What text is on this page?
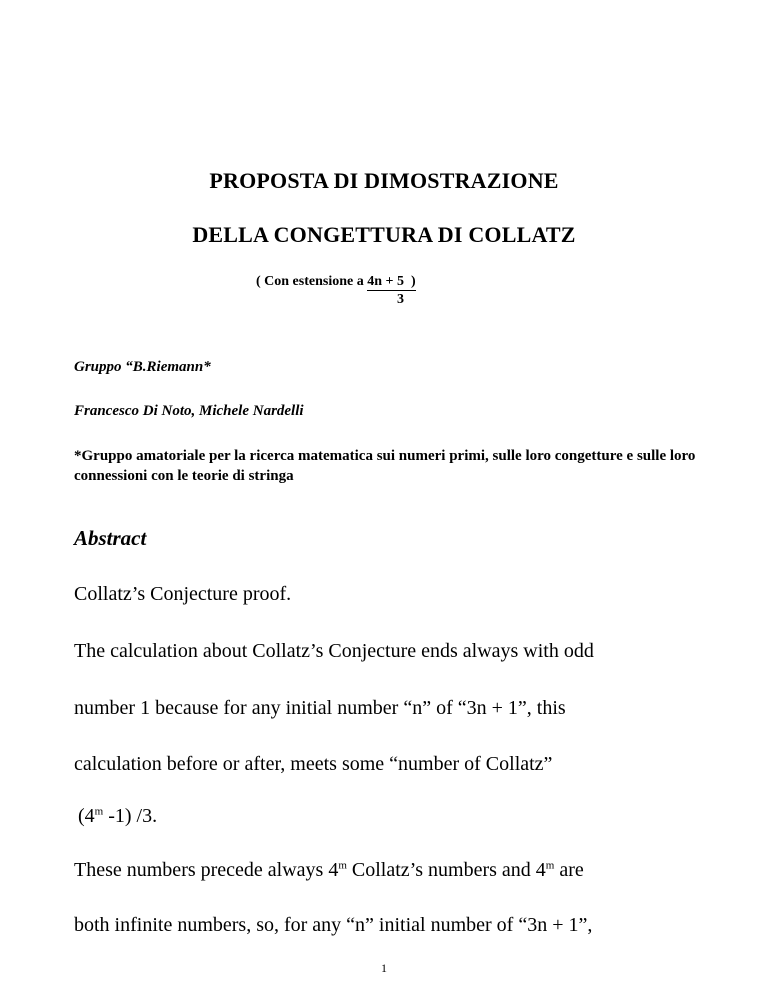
PROPOSTA DI DIMOSTRAZIONE
DELLA CONGETTURA DI COLLATZ
( Con estensione a $\frac{4n + 5 )}{3}$
Gruppo “B.Riemann*
Francesco Di Noto, Michele Nardelli
*Gruppo amatoriale per la ricerca matematica sui numeri primi, sulle loro congetture e sulle loro connessioni con le teorie di stringa
Abstract
Collatz’s Conjecture proof.
The calculation about Collatz’s Conjecture ends always with odd
number 1 because for any initial number “n” of “3n + 1”, this
calculation before or after, meets some “number of Collatz”
(4$^m$ -1) /3.
These numbers precede always 4$^m$ Collatz’s numbers and 4$^m$ are
both infinite numbers, so, for any “n” initial number of “3n + 1”,
1
